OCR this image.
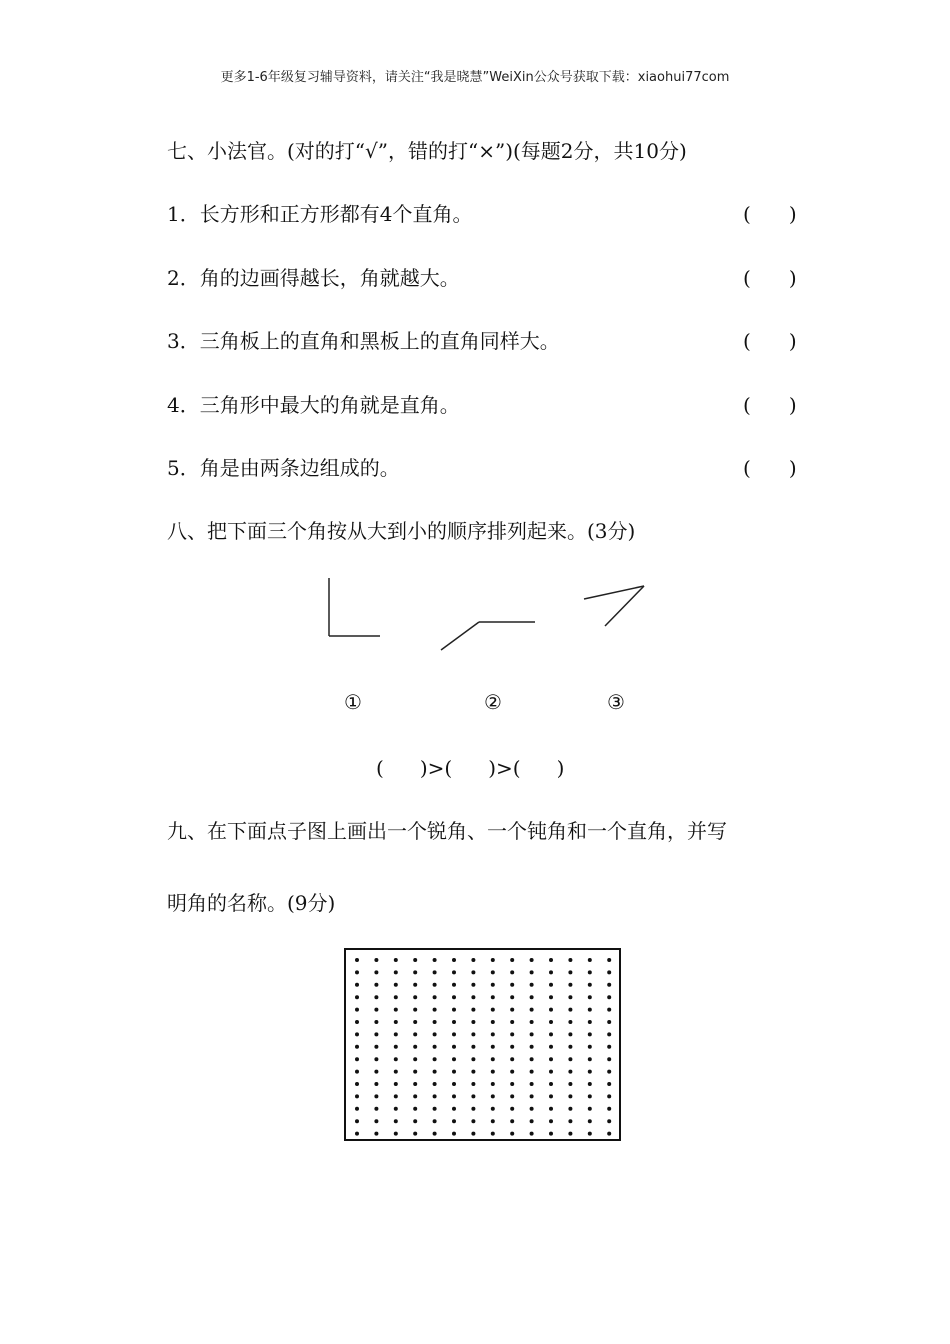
更多1-6年级复习辅导资料，请关注“我是晓慧”WeiXin公众号获取下载：xiaohui77com
七、小法官。(对的打“√”，错的打“×”)(每题2分，共10分)
1．长方形和正方形都有4个直角。	( )
2．角的边画得越长，角就越大。	( )
3．三角板上的直角和黑板上的直角同样大。	( )
4．三角形中最大的角就是直角。	( )
5．角是由两条边组成的。	( )
八、把下面三个角按从大到小的顺序排列起来。(3分)
①	②	③
( )>( )>( )
九、在下面点子图上画出一个锐角、一个钝角和一个直角，并写
明角的名称。(9分)
